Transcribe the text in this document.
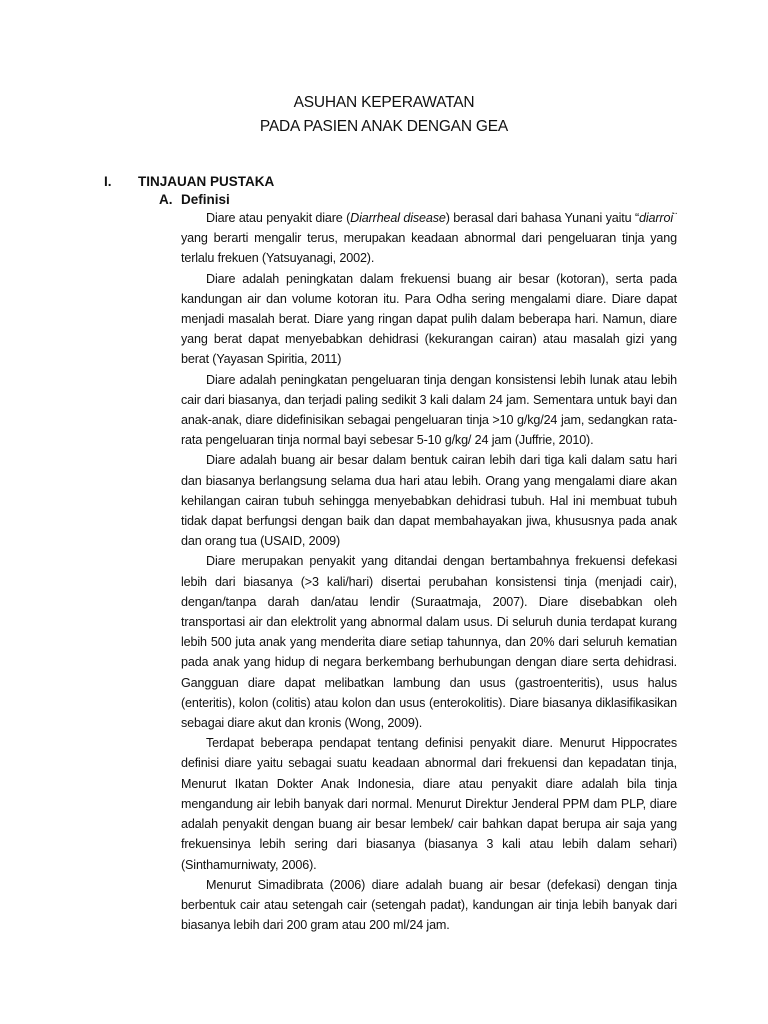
ASUHAN KEPERAWATAN
PADA PASIEN ANAK DENGAN GEA
I. TINJAUAN PUSTAKA
A. Definisi

Diare atau penyakit diare (Diarrheal disease) berasal dari bahasa Yunani yaitu “diarroi¨ yang berarti mengalir terus, merupakan keadaan abnormal dari pengeluaran tinja yang terlalu frekuen (Yatsuyanagi, 2002).

Diare adalah peningkatan dalam frekuensi buang air besar (kotoran), serta pada kandungan air dan volume kotoran itu. Para Odha sering mengalami diare. Diare dapat menjadi masalah berat. Diare yang ringan dapat pulih dalam beberapa hari. Namun, diare yang berat dapat menyebabkan dehidrasi (kekurangan cairan) atau masalah gizi yang berat (Yayasan Spiritia, 2011)

Diare adalah peningkatan pengeluaran tinja dengan konsistensi lebih lunak atau lebih cair dari biasanya, dan terjadi paling sedikit 3 kali dalam 24 jam. Sementara untuk bayi dan anak-anak, diare didefinisikan sebagai pengeluaran tinja >10 g/kg/24 jam, sedangkan rata-rata pengeluaran tinja normal bayi sebesar 5-10 g/kg/ 24 jam (Juffrie, 2010).

Diare adalah buang air besar dalam bentuk cairan lebih dari tiga kali dalam satu hari dan biasanya berlangsung selama dua hari atau lebih. Orang yang mengalami diare akan kehilangan cairan tubuh sehingga menyebabkan dehidrasi tubuh. Hal ini membuat tubuh tidak dapat berfungsi dengan baik dan dapat membahayakan jiwa, khususnya pada anak dan orang tua (USAID, 2009)

Diare merupakan penyakit yang ditandai dengan bertambahnya frekuensi defekasi lebih dari biasanya (>3 kali/hari) disertai perubahan konsistensi tinja (menjadi cair), dengan/tanpa darah dan/atau lendir (Suraatmaja, 2007). Diare disebabkan oleh transportasi air dan elektrolit yang abnormal dalam usus. Di seluruh dunia terdapat kurang lebih 500 juta anak yang menderita diare setiap tahunnya, dan 20% dari seluruh kematian pada anak yang hidup di negara berkembang berhubungan dengan diare serta dehidrasi. Gangguan diare dapat melibatkan lambung dan usus (gastroenteritis), usus halus (enteritis), kolon (colitis) atau kolon dan usus (enterokolitis). Diare biasanya diklasifikasikan sebagai diare akut dan kronis (Wong, 2009).

Terdapat beberapa pendapat tentang definisi penyakit diare. Menurut Hippocrates definisi diare yaitu sebagai suatu keadaan abnormal dari frekuensi dan kepadatan tinja, Menurut Ikatan Dokter Anak Indonesia, diare atau penyakit diare adalah bila tinja mengandung air lebih banyak dari normal. Menurut Direktur Jenderal PPM dam PLP, diare adalah penyakit dengan buang air besar lembek/ cair bahkan dapat berupa air saja yang frekuensinya lebih sering dari biasanya (biasanya 3 kali atau lebih dalam sehari) (Sinthamurniwaty, 2006).

Menurut Simadibrata (2006) diare adalah buang air besar (defekasi) dengan tinja berbentuk cair atau setengah cair (setengah padat), kandungan air tinja lebih banyak dari biasanya lebih dari 200 gram atau 200 ml/24 jam.
